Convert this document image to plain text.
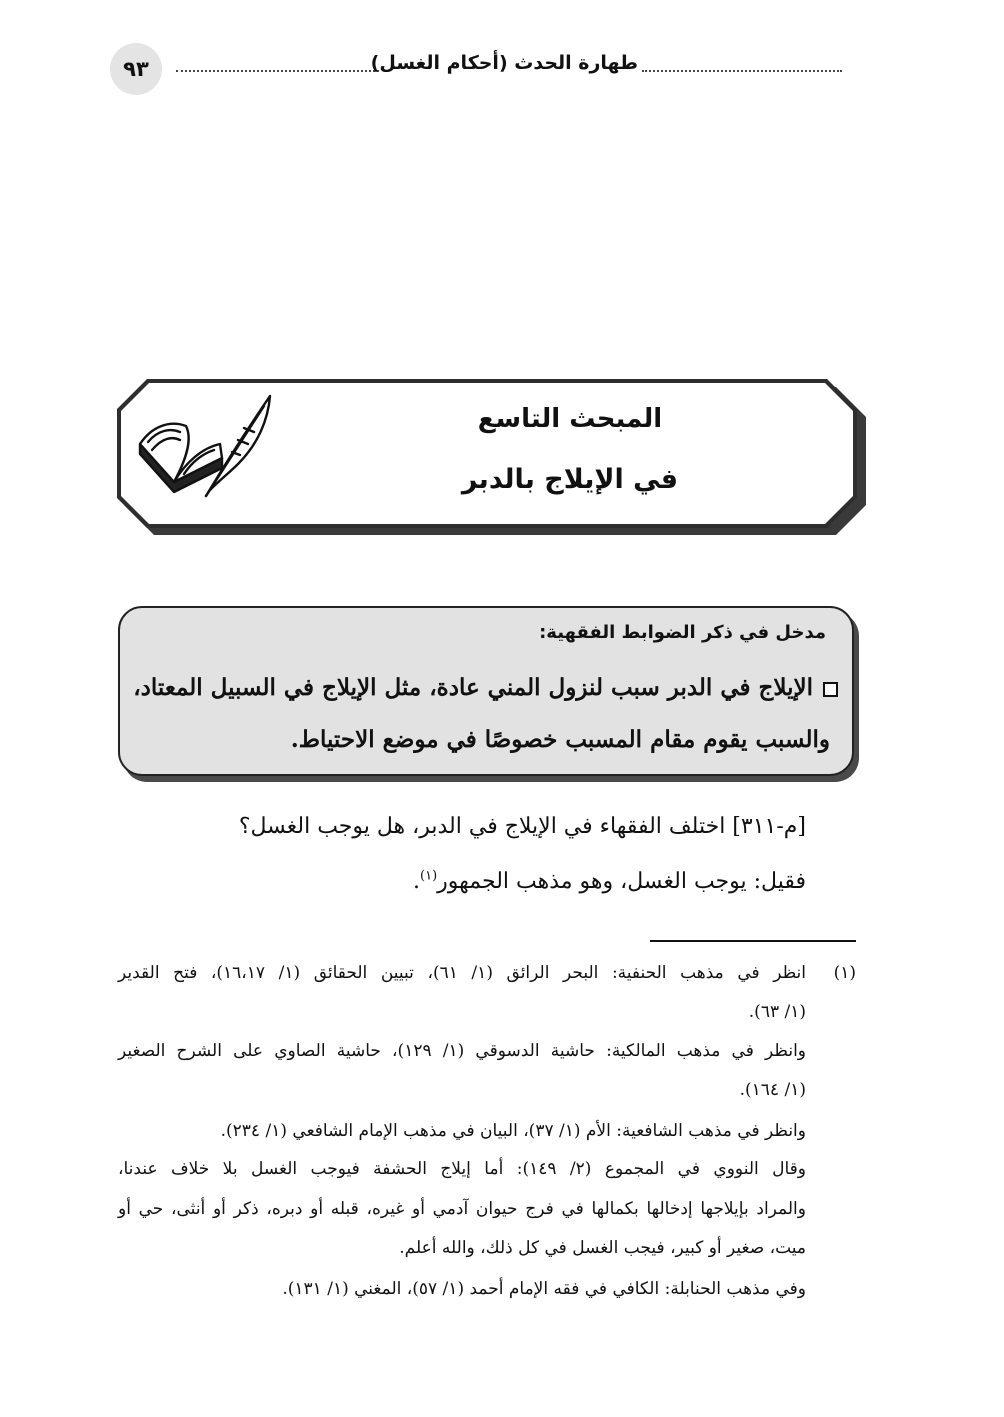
٩٣	طهارة الحدث (أحكام الغسل)
المبحث التاسع
في الإيلاج بالدبر
مدخل في ذكر الضوابط الفقهية:
الإيلاج في الدبر سبب لنزول المني عادة، مثل الإيلاج في السبيل المعتاد،
والسبب يقوم مقام المسبب خصوصًا في موضع الاحتياط.
[م-٣١١] اختلف الفقهاء في الإيلاج في الدبر، هل يوجب الغسل؟
فقيل: يوجب الغسل، وهو مذهب الجمهور$^{(١)}$.
(١)
انظر في مذهب الحنفية: البحر الرائق (١/ ٦١)، تبيين الحقائق (١/ ١٦،١٧)، فتح القدير
(١/ ٦٣).
وانظر في مذهب المالكية: حاشية الدسوقي (١/ ١٢٩)، حاشية الصاوي على الشرح الصغير
(١/ ١٦٤).
وانظر في مذهب الشافعية: الأم (١/ ٣٧)، البيان في مذهب الإمام الشافعي (١/ ٢٣٤).
وقال النووي في المجموع (٢/ ١٤٩): أما إيلاج الحشفة فيوجب الغسل بلا خلاف عندنا،
والمراد بإيلاجها إدخالها بكمالها في فرج حيوان آدمي أو غيره، قبله أو دبره، ذكر أو أنثى، حي أو
ميت، صغير أو كبير، فيجب الغسل في كل ذلك، والله أعلم.
وفي مذهب الحنابلة: الكافي في فقه الإمام أحمد (١/ ٥٧)، المغني (١/ ١٣١).
